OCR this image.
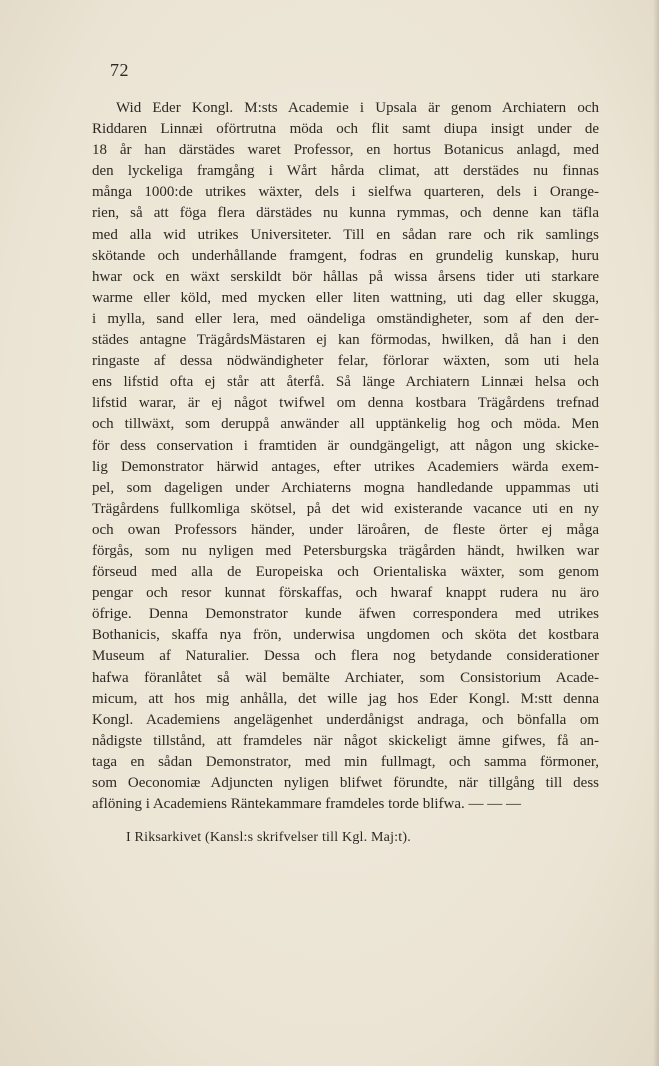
72
Wid Eder Kongl. M:sts Academie i Upsala är genom Archiatern och
Riddaren Linnæi oförtrutna möda och flit samt diupa insigt under de
18 år han därstädes waret Professor, en hortus Botanicus anlagd, med
den lyckeliga framgång i Wårt hårda climat, att derstädes nu finnas
många 1000:de utrikes wäxter, dels i sielfwa quarteren, dels i Orange-
rien, så att föga flera därstädes nu kunna rymmas, och denne kan täfla
med alla wid utrikes Universiteter. Till en sådan rare och rik samlings
skötande och underhållande framgent, fodras en grundelig kunskap, huru
hwar ock en wäxt serskildt bör hållas på wissa årsens tider uti starkare
warme eller köld, med mycken eller liten wattning, uti dag eller skugga,
i mylla, sand eller lera, med oändeliga omständigheter, som af den der-
städes antagne TrägårdsMästaren ej kan förmodas, hwilken, då han i den
ringaste af dessa nödwändigheter felar, förlorar wäxten, som uti hela
ens lifstid ofta ej står att återfå. Så länge Archiatern Linnæi helsa och
lifstid warar, är ej något twifwel om denna kostbara Trägårdens trefnad
och tillwäxt, som deruppå anwänder all upptänkelig hog och möda. Men
för dess conservation i framtiden är oundgängeligt, att någon ung skicke-
lig Demonstrator härwid antages, efter utrikes Academiers wärda exem-
pel, som dageligen under Archiaterns mogna handledande uppammas uti
Trägårdens fullkomliga skötsel, på det wid existerande vacance uti en ny
och owan Professors händer, under läroåren, de fleste örter ej måga
förgås, som nu nyligen med Petersburgska trägården händt, hwilken war
förseud med alla de Europeiska och Orientaliska wäxter, som genom
pengar och resor kunnat förskaffas, och hwaraf knappt rudera nu äro
öfrige. Denna Demonstrator kunde äfwen correspondera med utrikes
Bothanicis, skaffa nya frön, underwisa ungdomen och sköta det kostbara
Museum af Naturalier. Dessa och flera nog betydande considerationer
hafwa föranlåtet så wäl bemälte Archiater, som Consistorium Acade-
micum, att hos mig anhålla, det wille jag hos Eder Kongl. M:stt denna
Kongl. Academiens angelägenhet underdånigst andraga, och bönfalla om
nådigste tillstånd, att framdeles när något skickeligt ämne gifwes, få an-
taga en sådan Demonstrator, med min fullmagt, och samma förmoner,
som Oeconomiæ Adjuncten nyligen blifwet förundte, när tillgång till dess
aflöning i Academiens Räntekammare framdeles torde blifwa. — — —
I Riksarkivet (Kansl:s skrifvelser till Kgl. Maj:t).
